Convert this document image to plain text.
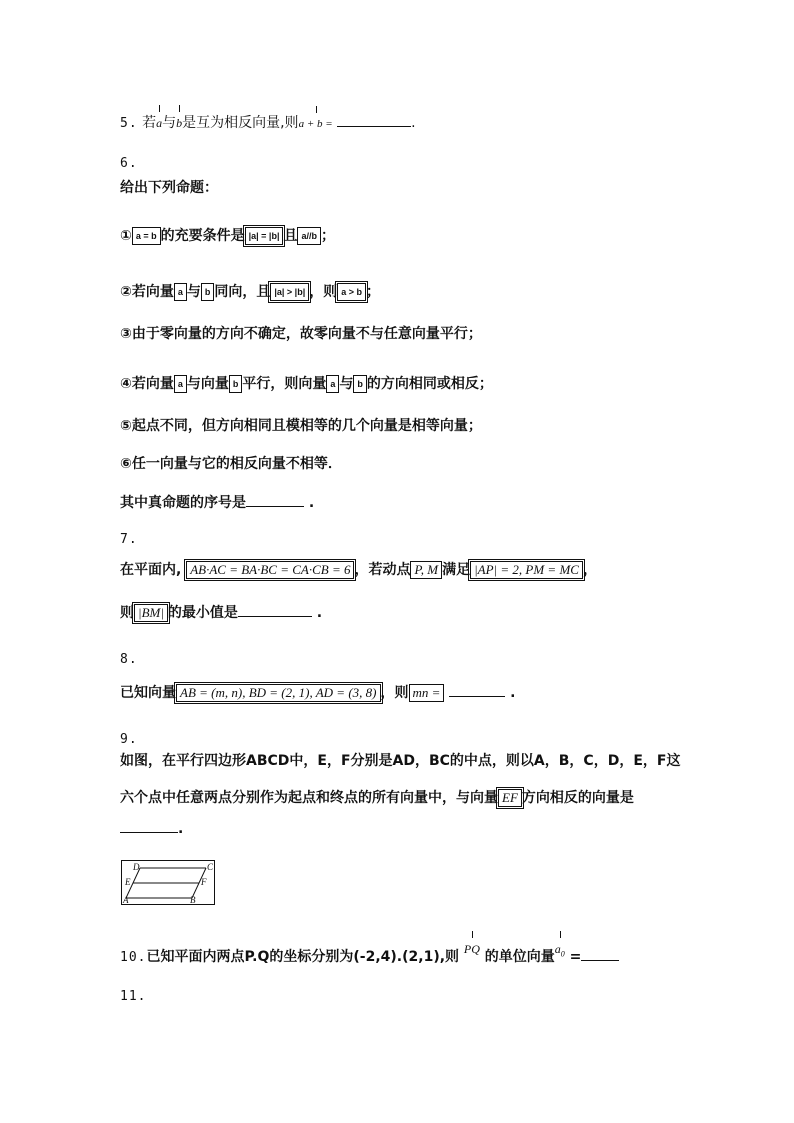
5. 若a与b是互为相反向量,则a + b =	.
6.
给出下列命题：
① a = b 的充要条件是 |a| = |b| 且 a//b ；
②若向量 a 与 b 同向，且 |a| > |b| ，则 a > b ；
③由于零向量的方向不确定，故零向量不与任意向量平行；
④若向量 a 与向量 b 平行，则向量 a 与 b 的方向相同或相反；
⑤起点不同，但方向相同且模相等的几个向量是相等向量；
⑥任一向量与它的相反向量不相等．
其中真命题的序号是	.
7.
在平面内, AB·AC = BA·BC = CA·CB = 6 ，若动点 P, M 满足 |AP| = 2, PM = MC ，
则 |BM| 的最小值是	.
8.
已知向量 AB = (m, n), BD = (2, 1), AD = (3, 8) ，则 mn =	.
9.
如图，在平行四边形ABCD中，E，F分别是AD，BC的中点，则以A，B，C，D，E，F这
六个点中任意两点分别作为起点和终点的所有向量中，与向量 EF 方向相反的向量是
.
A	B
C
D
E	F
10.已知平面内两点P.Q的坐标分别为(-2,4).(2,1),则 PQ 的单位向量$a_0$ =
11.
